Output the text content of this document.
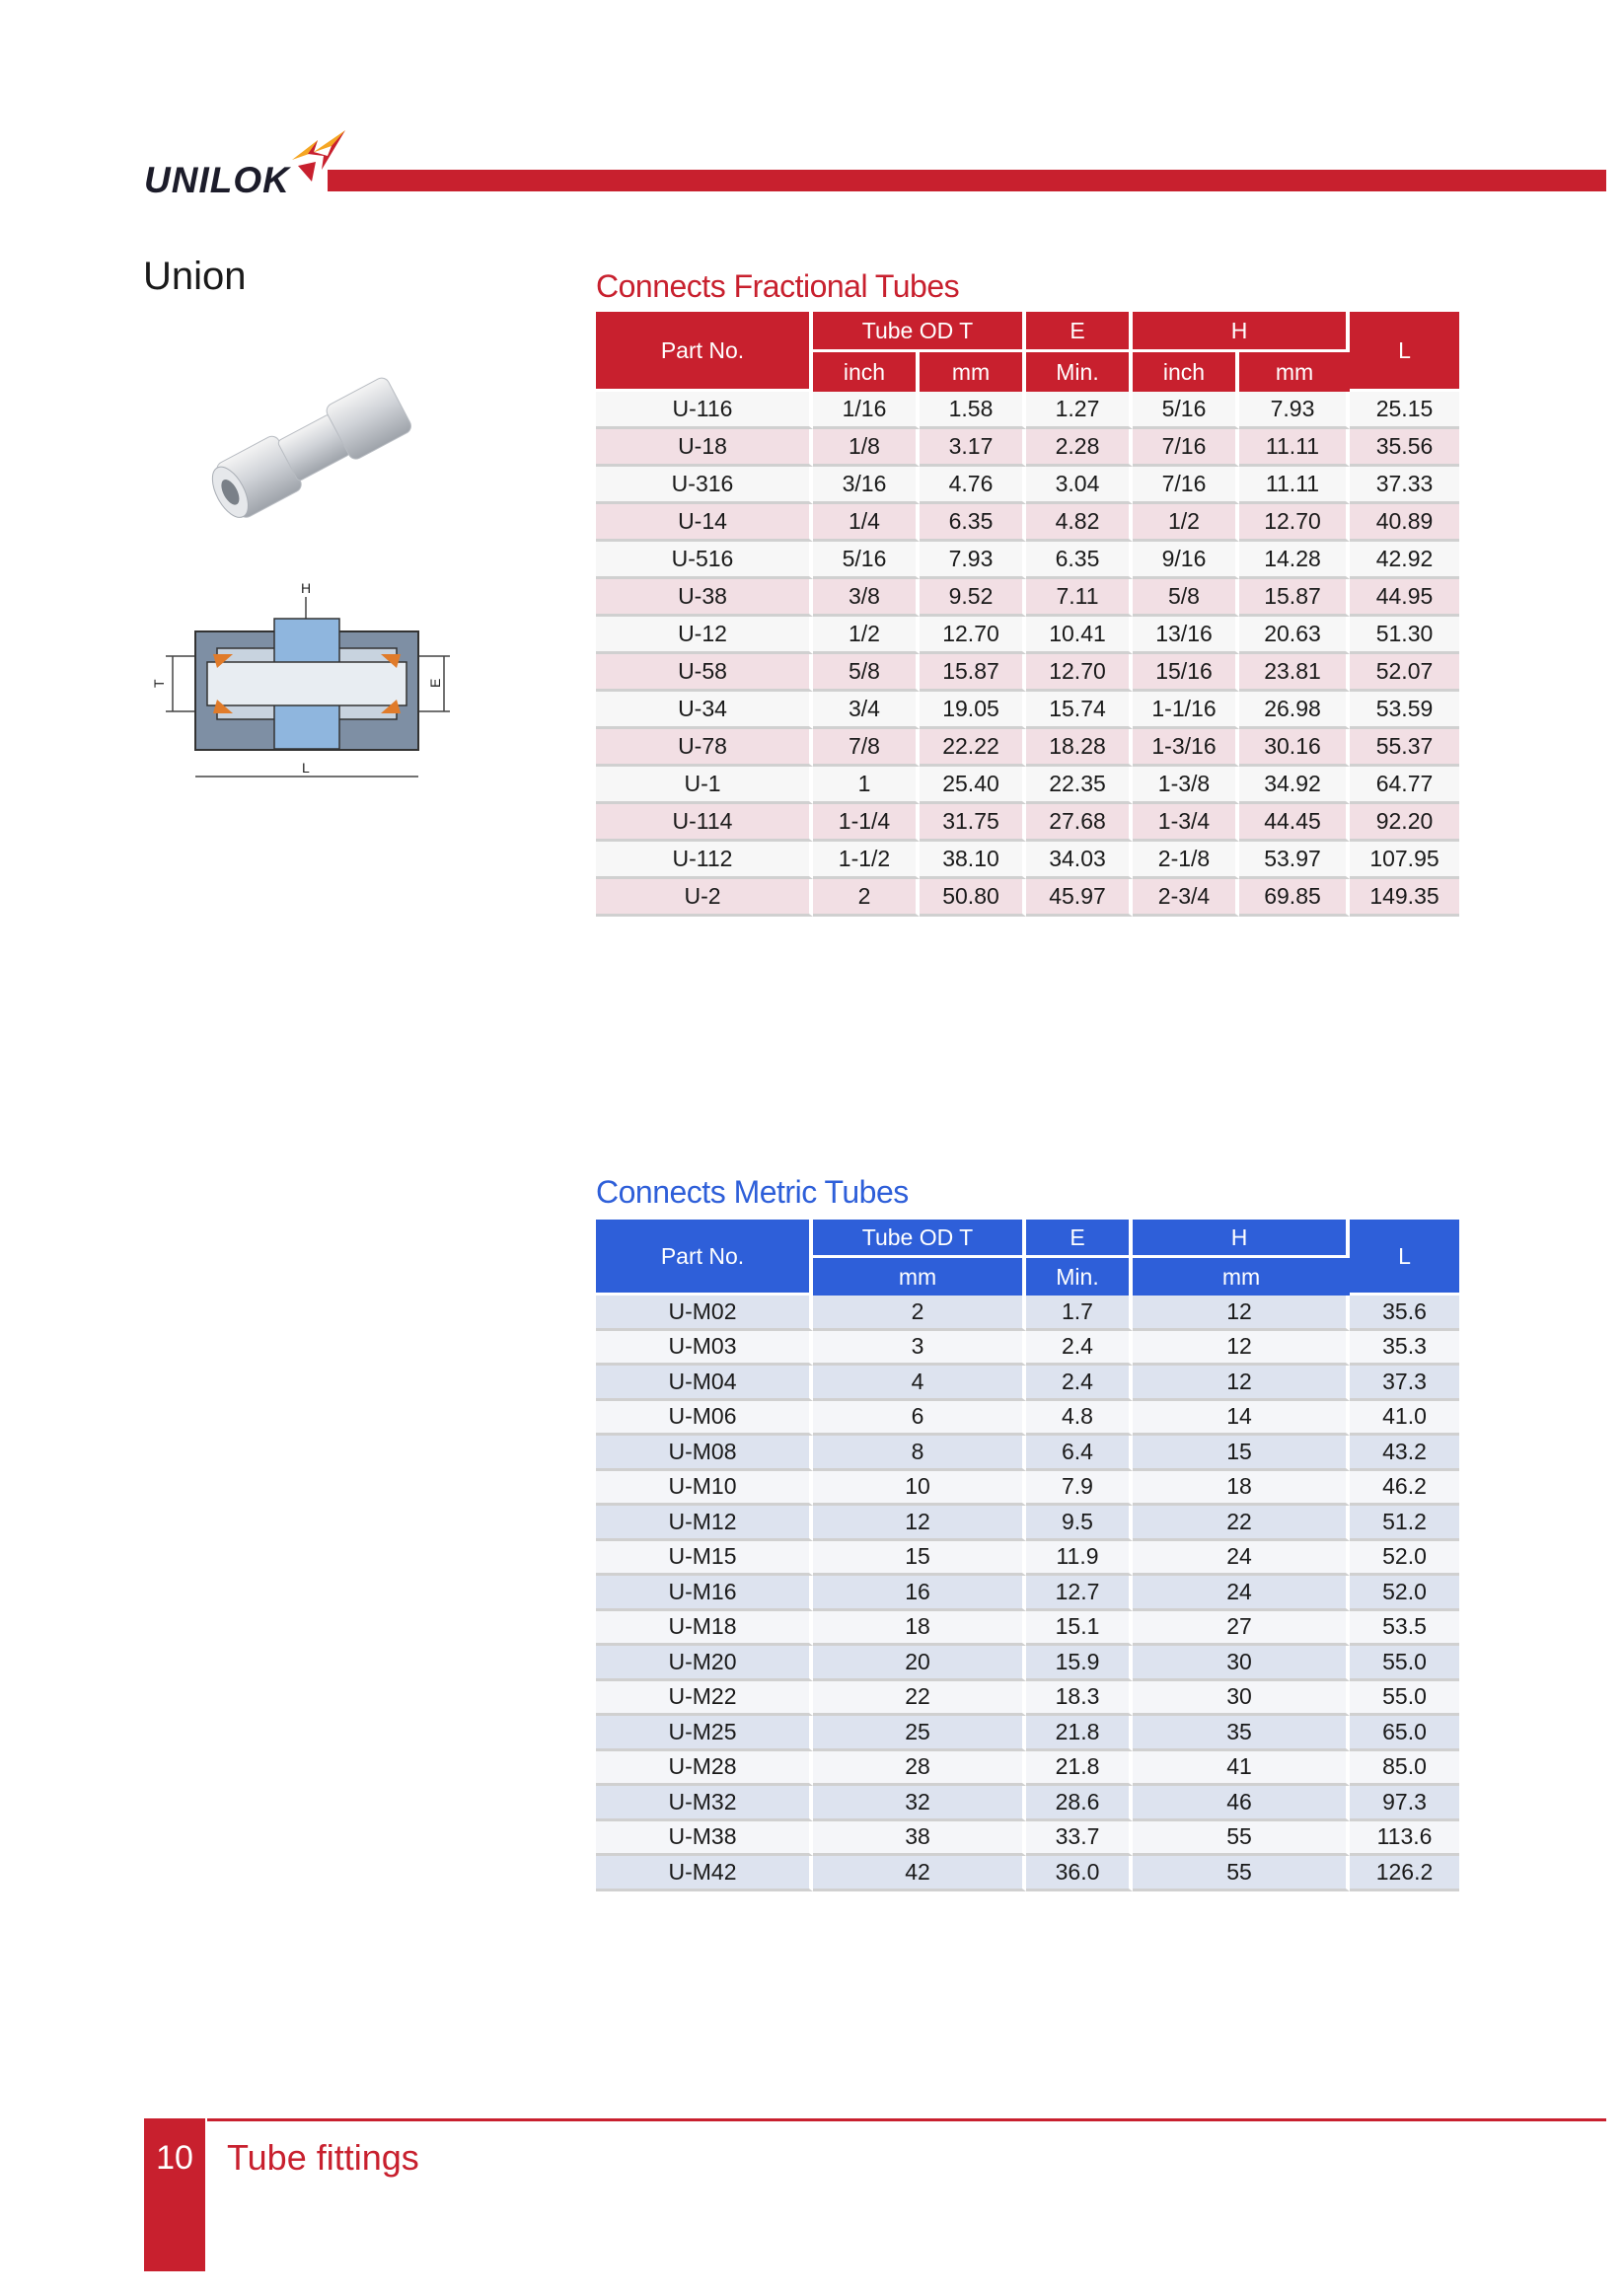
UNILOK
Union
H
T	E
L
Connects Fractional Tubes
Part No.	Tube OD T		E	H		L
	inch	mm	Min.	inch	mm	
U-116	1/16	1.58	1.27	5/16	7.93	25.15
U-18	1/8	3.17	2.28	7/16	11.11	35.56
U-316	3/16	4.76	3.04	7/16	11.11	37.33
U-14	1/4	6.35	4.82	1/2	12.70	40.89
U-516	5/16	7.93	6.35	9/16	14.28	42.92
U-38	3/8	9.52	7.11	5/8	15.87	44.95
U-12	1/2	12.70	10.41	13/16	20.63	51.30
U-58	5/8	15.87	12.70	15/16	23.81	52.07
U-34	3/4	19.05	15.74	1-1/16	26.98	53.59
U-78	7/8	22.22	18.28	1-3/16	30.16	55.37
U-1	1	25.40	22.35	1-3/8	34.92	64.77
U-114	1-1/4	31.75	27.68	1-3/4	44.45	92.20
U-112	1-1/2	38.10	34.03	2-1/8	53.97	107.95
U-2	2	50.80	45.97	2-3/4	69.85	149.35
Connects Metric Tubes
Part No.	Tube OD T	E	H	L
	mm	Min.	mm	
U-M02	2	1.7	12	35.6
U-M03	3	2.4	12	35.3
U-M04	4	2.4	12	37.3
U-M06	6	4.8	14	41.0
U-M08	8	6.4	15	43.2
U-M10	10	7.9	18	46.2
U-M12	12	9.5	22	51.2
U-M15	15	11.9	24	52.0
U-M16	16	12.7	24	52.0
U-M18	18	15.1	27	53.5
U-M20	20	15.9	30	55.0
U-M22	22	18.3	30	55.0
U-M25	25	21.8	35	65.0
U-M28	28	21.8	41	85.0
U-M32	32	28.6	46	97.3
U-M38	38	33.7	55	113.6
U-M42	42	36.0	55	126.2
10 Tube fittings
